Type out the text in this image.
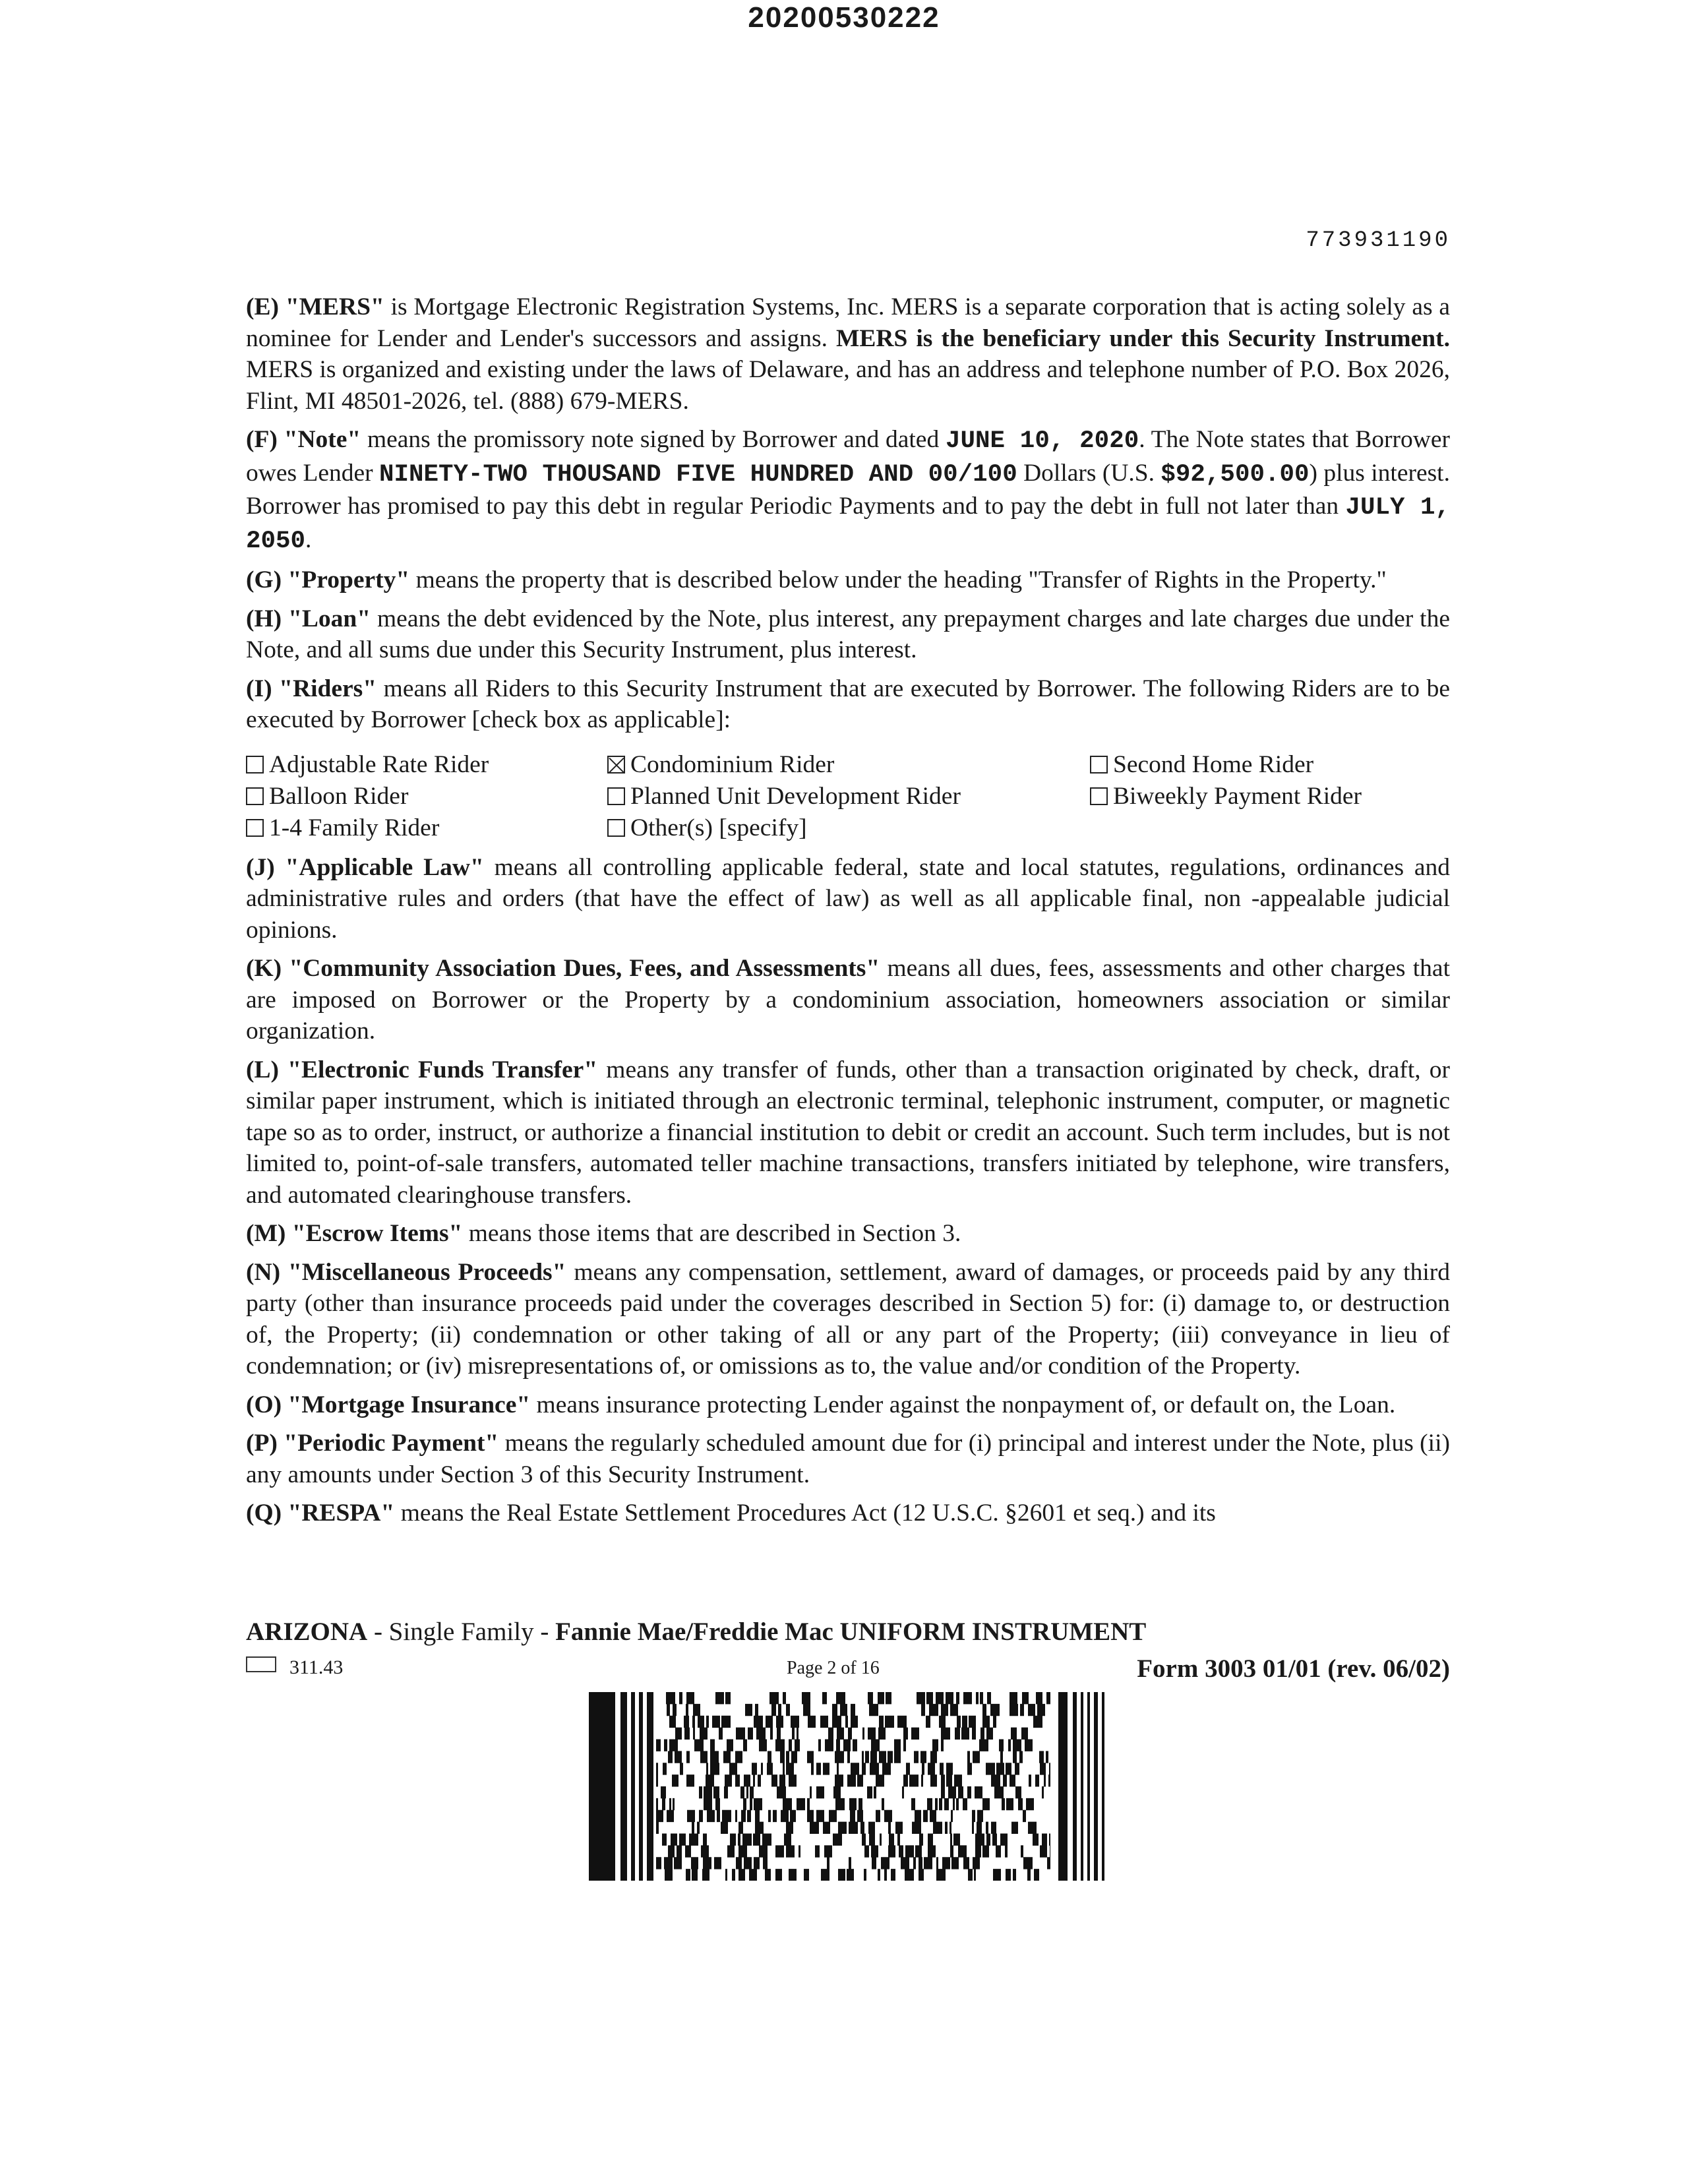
20200530222
773931190

(E) "MERS" is Mortgage Electronic Registration Systems, Inc. MERS is a separate corporation that is acting solely as a nominee for Lender and Lender's successors and assigns. MERS is the beneficiary under this Security Instrument. MERS is organized and existing under the laws of Delaware, and has an address and telephone number of P.O. Box 2026, Flint, MI 48501-2026, tel. (888) 679-MERS.

(F) "Note" means the promissory note signed by Borrower and dated JUNE 10, 2020. The Note states that Borrower owes Lender NINETY-TWO THOUSAND FIVE HUNDRED AND 00/100 Dollars (U.S. $92,500.00) plus interest. Borrower has promised to pay this debt in regular Periodic Payments and to pay the debt in full not later than JULY 1, 2050.

(G) "Property" means the property that is described below under the heading "Transfer of Rights in the Property."

(H) "Loan" means the debt evidenced by the Note, plus interest, any prepayment charges and late charges due under the Note, and all sums due under this Security Instrument, plus interest.

(I) "Riders" means all Riders to this Security Instrument that are executed by Borrower. The following Riders are to be executed by Borrower [check box as applicable]:

Adjustable Rate Rider	Condominium Rider	Second Home Rider
Balloon Rider	Planned Unit Development Rider	Biweekly Payment Rider
1-4 Family Rider	Other(s) [specify]

(J) "Applicable Law" means all controlling applicable federal, state and local statutes, regulations, ordinances and administrative rules and orders (that have the effect of law) as well as all applicable final, non -appealable judicial opinions.

(K) "Community Association Dues, Fees, and Assessments" means all dues, fees, assessments and other charges that are imposed on Borrower or the Property by a condominium association, homeowners association or similar organization.

(L) "Electronic Funds Transfer" means any transfer of funds, other than a transaction originated by check, draft, or similar paper instrument, which is initiated through an electronic terminal, telephonic instrument, computer, or magnetic tape so as to order, instruct, or authorize a financial institution to debit or credit an account. Such term includes, but is not limited to, point-of-sale transfers, automated teller machine transactions, transfers initiated by telephone, wire transfers, and automated clearinghouse transfers.

(M) "Escrow Items" means those items that are described in Section 3.

(N) "Miscellaneous Proceeds" means any compensation, settlement, award of damages, or proceeds paid by any third party (other than insurance proceeds paid under the coverages described in Section 5) for: (i) damage to, or destruction of, the Property; (ii) condemnation or other taking of all or any part of the Property; (iii) conveyance in lieu of condemnation; or (iv) misrepresentations of, or omissions as to, the value and/or condition of the Property.

(O) "Mortgage Insurance" means insurance protecting Lender against the nonpayment of, or default on, the Loan.

(P) "Periodic Payment" means the regularly scheduled amount due for (i) principal and interest under the Note, plus (ii) any amounts under Section 3 of this Security Instrument.

(Q) "RESPA" means the Real Estate Settlement Procedures Act (12 U.S.C. §2601 et seq.) and its

ARIZONA - Single Family - Fannie Mae/Freddie Mac UNIFORM INSTRUMENT
311.43	Page 2 of 16	Form 3003 01/01 (rev. 06/02)
